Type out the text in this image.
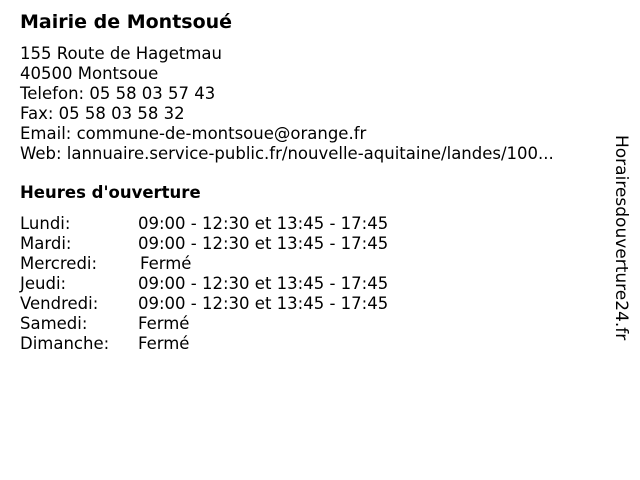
Mairie de Montsoué
155 Route de Hagetmau
40500 Montsoue
Telefon: 05 58 03 57 43
Fax: 05 58 03 58 32
Email: commune-de-montsoue@orange.fr
Web: lannuaire.service-public.fr/nouvelle-aquitaine/landes/100...
Heures d'ouverture
Lundi:	09:00 - 12:30 et 13:45 - 17:45
Mardi:	09:00 - 12:30 et 13:45 - 17:45
Mercredi:	Fermé
Jeudi:	09:00 - 12:30 et 13:45 - 17:45
Vendredi: 09:00 - 12:30 et 13:45 - 17:45
Samedi:	Fermé
Dimanche: Fermé
Horairesdouverture24.fr
